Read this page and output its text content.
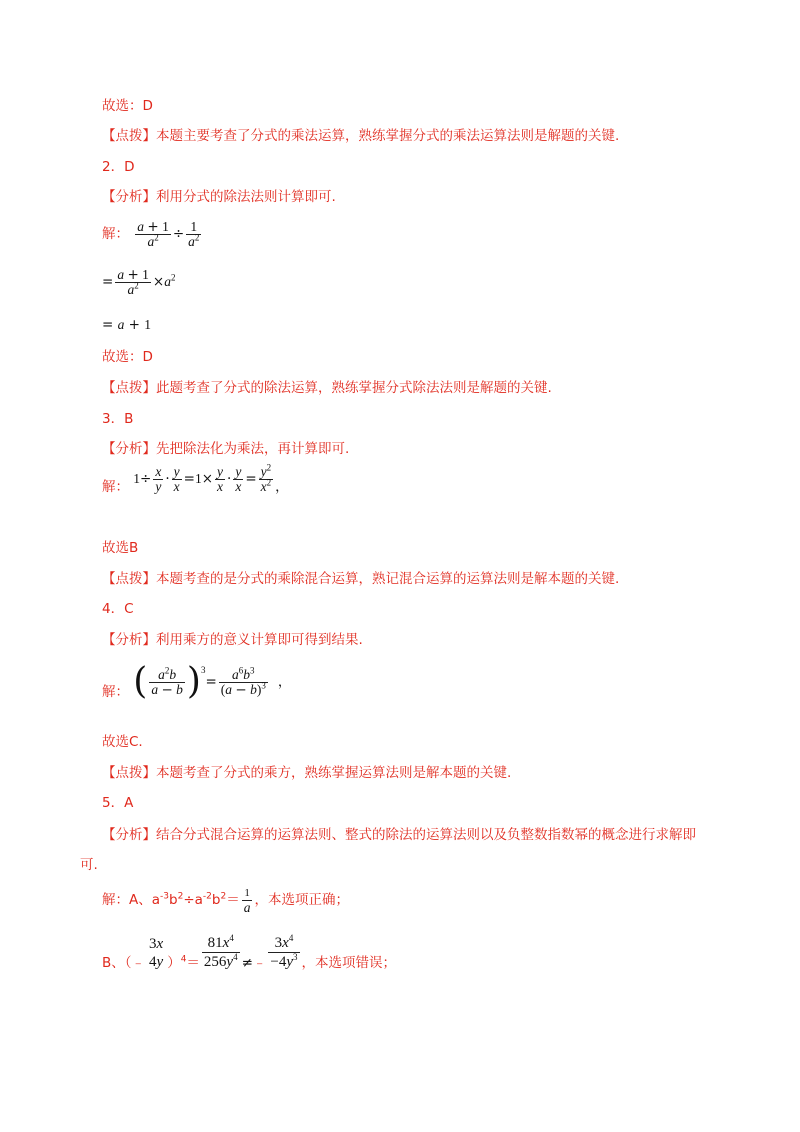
故选：D
【点拨】本题主要考查了分式的乘法运算，熟练掌握分式的乘法运算法则是解题的关键.
2．D
【分析】利用分式的除法法则计算即可.
解： $\frac{a + 1}{a^2} \div \frac{1}{a^2}$
= $\frac{a + 1}{a^2} \times a^2$
= a + 1
故选：D
【点拨】此题考查了分式的除法运算，熟练掌握分式除法法则是解题的关键.
3．B
【分析】先把除法化为乘法，再计算即可.
解： $1\div \frac{x}{y} \cdot \frac{y}{x} =1\times \frac{y}{x} \cdot \frac{y}{x} = \frac{y^2}{x^2}$ ，
故选B
【点拨】本题考查的是分式的乘除混合运算，熟记混合运算的运算法则是解本题的关键.
4．C
【分析】利用乘方的意义计算即可得到结果.
解： ( $\frac{a^2b}{a - b} )^3= \frac{a^6b^3}{(a - b)^3}$ ，
故选C.
【点拨】本题考查了分式的乘方，熟练掌握运算法则是解本题的关键.
5．A
【分析】结合分式混合运算的运算法则、整式的除法的运算法则以及负整数指数幂的概念进行求解即可.
解：A、$a^{-3}b^2\div a^{-2}b^2= \frac{1}{a}$ ，本选项正确；
B、（﹣
3x
4y ）$^4= \frac{81x^4}{256y^4}$ ≠﹣ $\frac{3x^4}{-4y^3}$ ，本选项错误；
